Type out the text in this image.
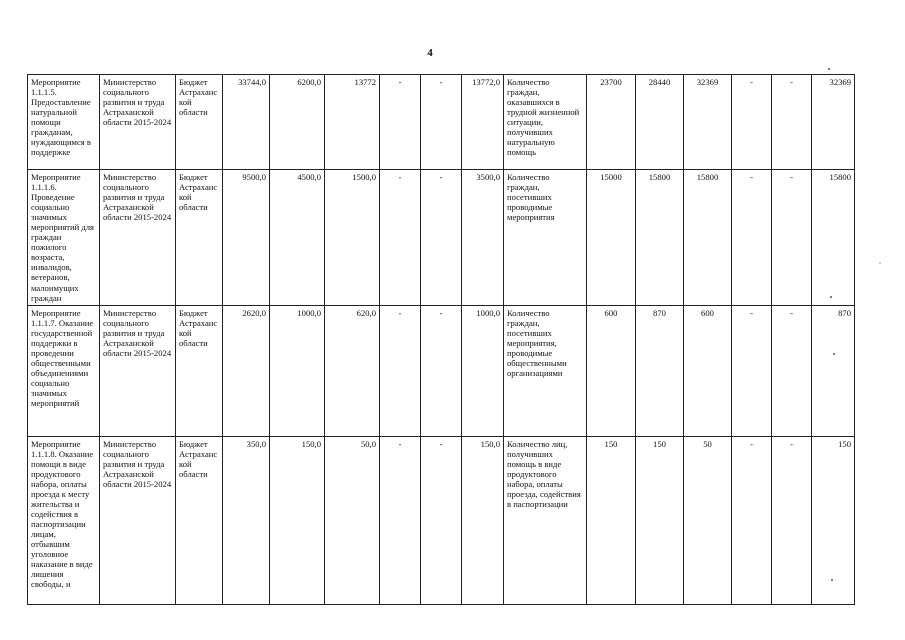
4
Мероприятие 1.1.1.5. Предоставление натуральной помощи гражданам, нуждающимся в поддержке	Министерство социального развития и труда Астраханской области 2015-2024	Бюджет Астраханской области	33744,0	6200,0	13772	-	-	13772,0	Количество граждан, оказавшихся в трудной жизненной ситуации, получивших натуральную помощь	23700	28440	32369	-	-	32369
Мероприятие 1.1.1.6. Проведение социально значимых мероприятий для граждан пожилого возраста, инвалидов, ветеранов, малоимущих граждан	Министерство социального развития и труда Астраханской области 2015-2024	Бюджет Астраханской области	9500,0	4500,0	1500,0	-	-	3500,0	Количество граждан, посетивших проводимые мероприятия	15000	15800	15800	-	-	15800
Мероприятие 1.1.1.7. Оказание государственной поддержки в проведении общественными объединениями социально значимых мероприятий	Министерство социального развития и труда Астраханской области 2015-2024	Бюджет Астраханской области	2620,0	1000,0	620,0	-	-	1000,0	Количество граждан, посетивших мероприятия, проводимые общественными организациями	600	870	600	-	-	870
Мероприятие 1.1.1.8. Оказание помощи в виде продуктового набора, оплаты проезда к месту жительства и содействия в паспортизации лицам, отбывшим уголовное наказание в виде лишения свободы, и	Министерство социального развития и труда Астраханской области 2015-2024	Бюджет Астраханской области	350,0	150,0	50,0	-	-	150,0	Количество лиц, получивших помощь в виде продуктового набора, оплаты проезда, содействия в паспортизации	150	150	50	-	-	150
